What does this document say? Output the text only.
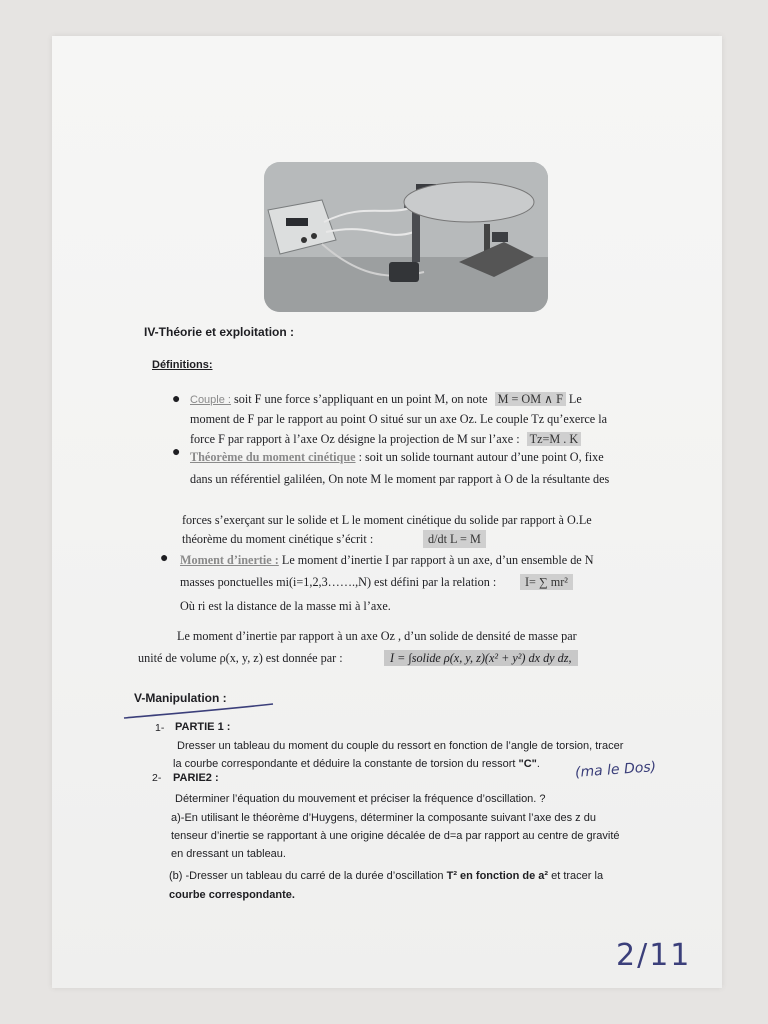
IV-Théorie et exploitation :
Définitions:
● Couple : soit F une force s’appliquant en un point M, on note M = OM ∧ F Le
moment de F par le rapport au point O situé sur un axe Oz. Le couple Tz qu’exerce la
force F par rapport à l’axe Oz désigne la projection de M sur l’axe : Tz=M . K
● Théorème du moment cinétique : soit un solide tournant autour d’une point O, fixe
dans un référentiel galiléen, On note M le moment par rapport à O de la résultante des
forces s’exerçant sur le solide et L le moment cinétique du solide par rapport à O.Le
théorème du moment cinétique s’écrit :	d/dt L = M
● Moment d’inertie : Le moment d’inertie I par rapport à un axe, d’un ensemble de N
masses ponctuelles mi(i=1,2,3…….,N) est défini par la relation :	I= ∑ mr²
Où ri est la distance de la masse mi à l’axe.
Le moment d’inertie par rapport à un axe Oz , d’un solide de densité de masse par
unité de volume ρ(x, y, z) est donnée par :	I = ∫solide ρ(x, y, z)(x² + y²) dx dy dz,
V-Manipulation :
1- PARTIE 1 :
Dresser un tableau du moment du couple du ressort en fonction de l’angle de torsion, tracer
la courbe correspondante et déduire la constante de torsion du ressort "C". (ma le Dos)
2- PARIE2 :
Déterminer l’équation du mouvement et préciser la fréquence d’oscillation. ?
a)-En utilisant le théorème d’Huygens, déterminer la composante suivant l’axe des z du
tenseur d’inertie se rapportant à une origine décalée de d=a par rapport au centre de gravité
en dressant un tableau.
(b) -Dresser un tableau du carré de la durée d’oscillation T² en fonction de a² et tracer la
courbe correspondante.
2/11
